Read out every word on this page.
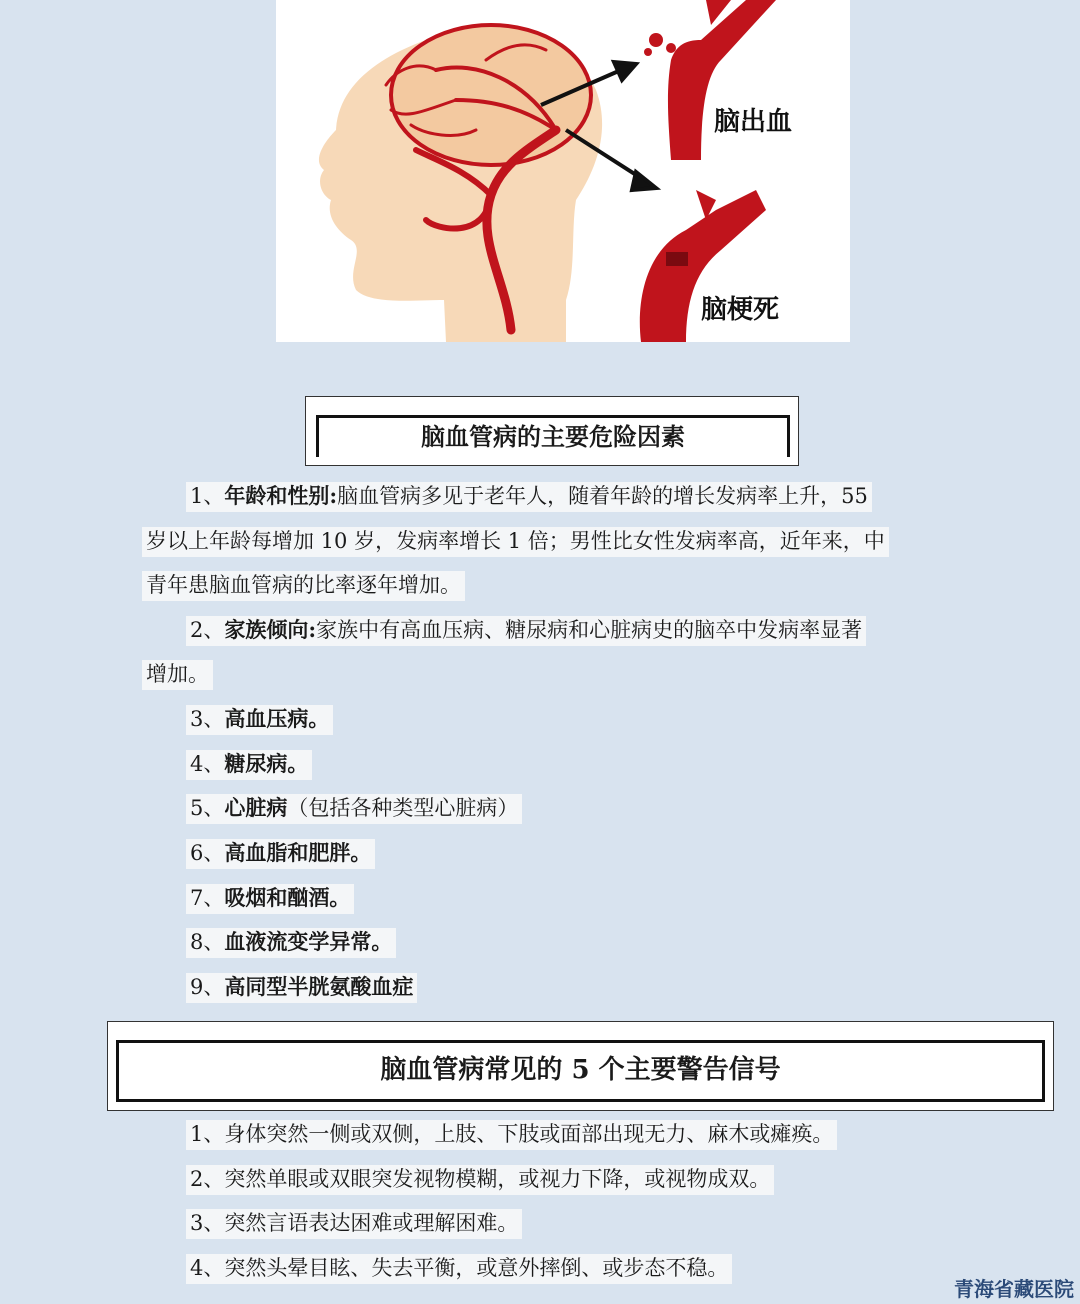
脑出血
脑梗死
脑血管病的主要危险因素
1、年龄和性别:脑血管病多见于老年人，随着年龄的增长发病率上升，55
岁以上年龄每增加 10 岁，发病率增长 1 倍；男性比女性发病率高，近年来，中
青年患脑血管病的比率逐年增加。
2、家族倾向:家族中有高血压病、糖尿病和心脏病史的脑卒中发病率显著
增加。
3、高血压病。
4、糖尿病。
5、心脏病（包括各种类型心脏病）
6、高血脂和肥胖。
7、吸烟和酗酒。
8、血液流变学异常。
9、高同型半胱氨酸血症
脑血管病常见的 5 个主要警告信号
1、身体突然一侧或双侧，上肢、下肢或面部出现无力、麻木或瘫痪。
2、突然单眼或双眼突发视物模糊，或视力下降，或视物成双。
3、突然言语表达困难或理解困难。
4、突然头晕目眩、失去平衡，或意外摔倒、或步态不稳。
青海省藏医院
